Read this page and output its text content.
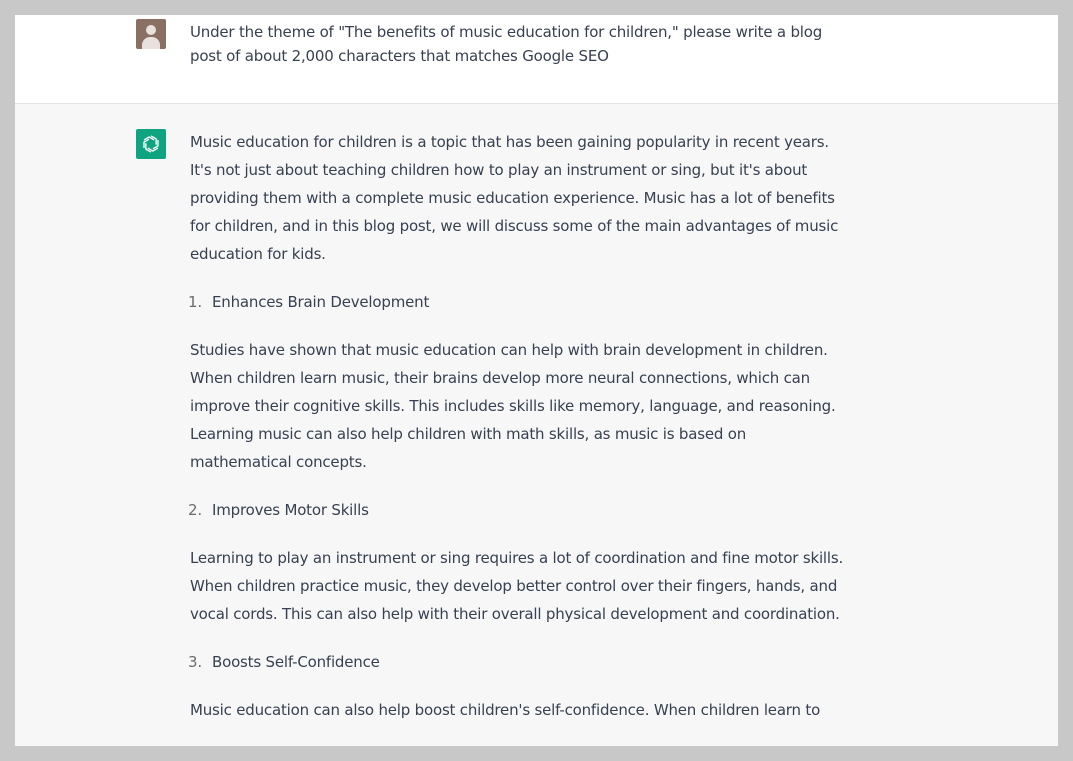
Under the theme of "The benefits of music education for children," please write a blog post of about 2,000 characters that matches Google SEO

Music education for children is a topic that has been gaining popularity in recent years. It's not just about teaching children how to play an instrument or sing, but it's about providing them with a complete music education experience. Music has a lot of benefits for children, and in this blog post, we will discuss some of the main advantages of music education for kids.

1. Enhances Brain Development

Studies have shown that music education can help with brain development in children. When children learn music, their brains develop more neural connections, which can improve their cognitive skills. This includes skills like memory, language, and reasoning. Learning music can also help children with math skills, as music is based on mathematical concepts.

2. Improves Motor Skills

Learning to play an instrument or sing requires a lot of coordination and fine motor skills. When children practice music, they develop better control over their fingers, hands, and vocal cords. This can also help with their overall physical development and coordination.

3. Boosts Self-Confidence

Music education can also help boost children's self-confidence. When children learn to
